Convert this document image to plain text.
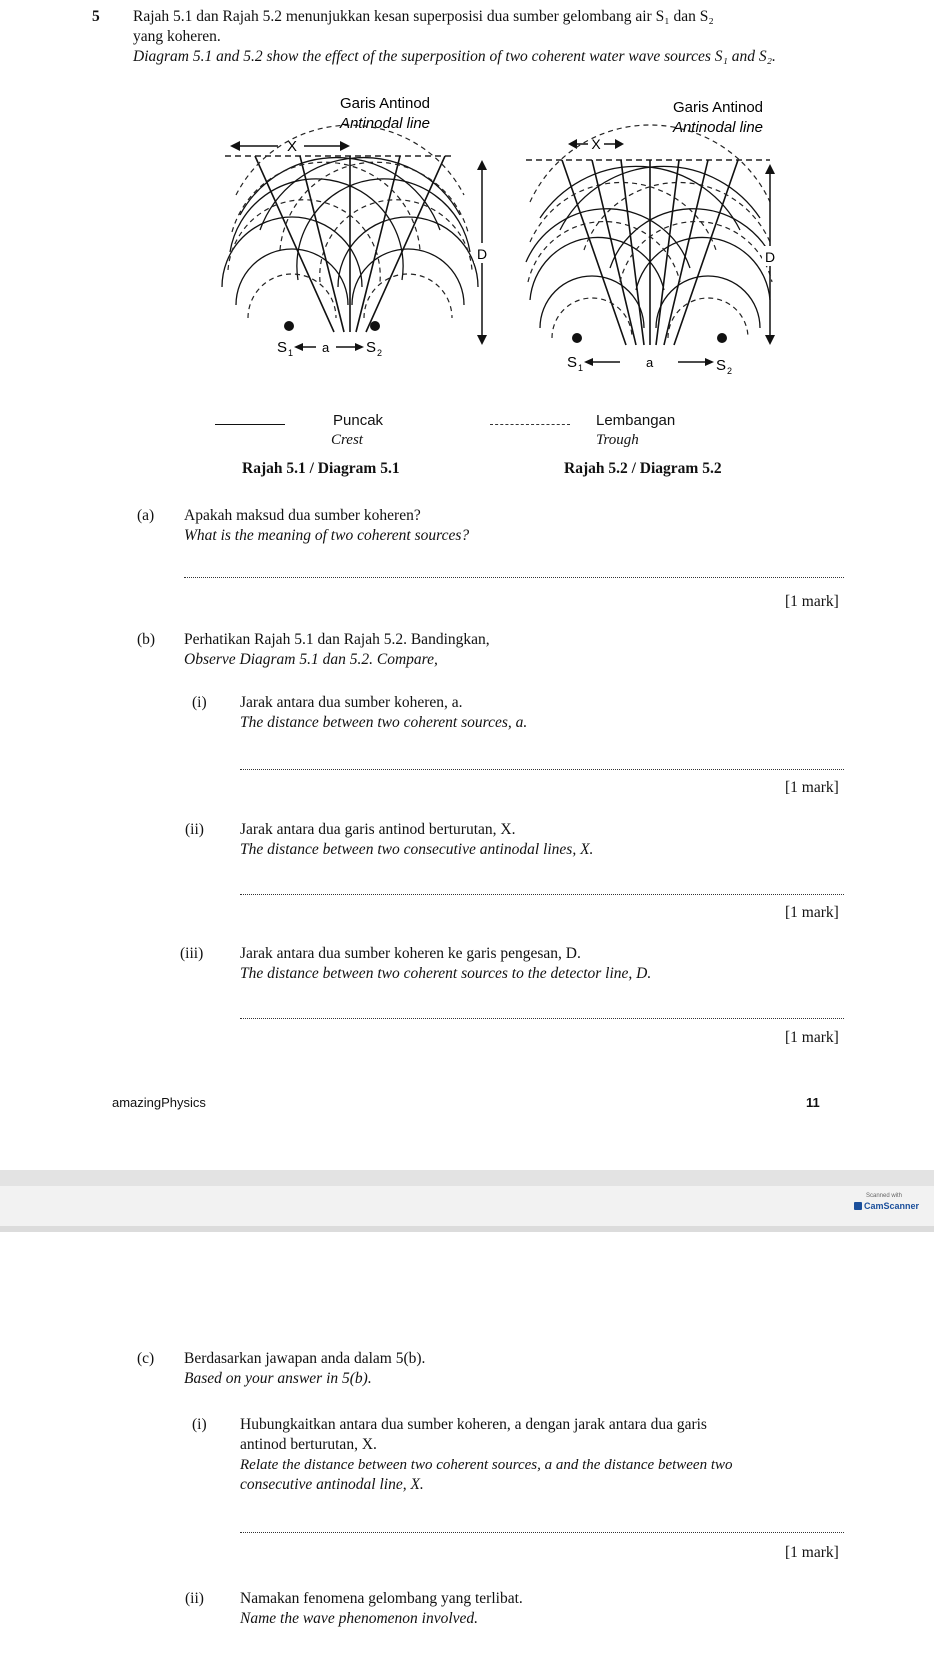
5 Rajah 5.1 dan Rajah 5.2 menunjukkan kesan superposisi dua sumber gelombang air S₁ dan S₂
yang koheren.
Diagram 5.1 and 5.2 show the effect of the superposition of two coherent water wave sources S₁ and S₂.
Garis Antinod
Antinodal line
X
S 1 a S 2
D
Garis Antinod
Antinodal line
X
S 1	a	S 2
D
Puncak
Crest
Lembangan
Trough
Rajah 5.1 / Diagram 5.1	Rajah 5.2 / Diagram 5.2
(a) Apakah maksud dua sumber koheren?
What is the meaning of two coherent sources?
[1 mark]
(b) Perhatikan Rajah 5.1 dan Rajah 5.2. Bandingkan,
Observe Diagram 5.1 dan 5.2. Compare,
(i) Jarak antara dua sumber koheren, a.
The distance between two coherent sources, a.
[1 mark]
(ii) Jarak antara dua garis antinod berturutan, X.
The distance between two consecutive antinodal lines, X.
[1 mark]
(iii) Jarak antara dua sumber koheren ke garis pengesan, D.
The distance between two coherent sources to the detector line, D.
[1 mark]
amazingPhysics	11
Scanned with
CamScanner
(c) Berdasarkan jawapan anda dalam 5(b).
Based on your answer in 5(b).
(i) Hubungkaitkan antara dua sumber koheren, a dengan jarak antara dua garis
antinod berturutan, X.
Relate the distance between two coherent sources, a and the distance between two
consecutive antinodal line, X.
[1 mark]
(ii) Namakan fenomena gelombang yang terlibat.
Name the wave phenomenon involved.
